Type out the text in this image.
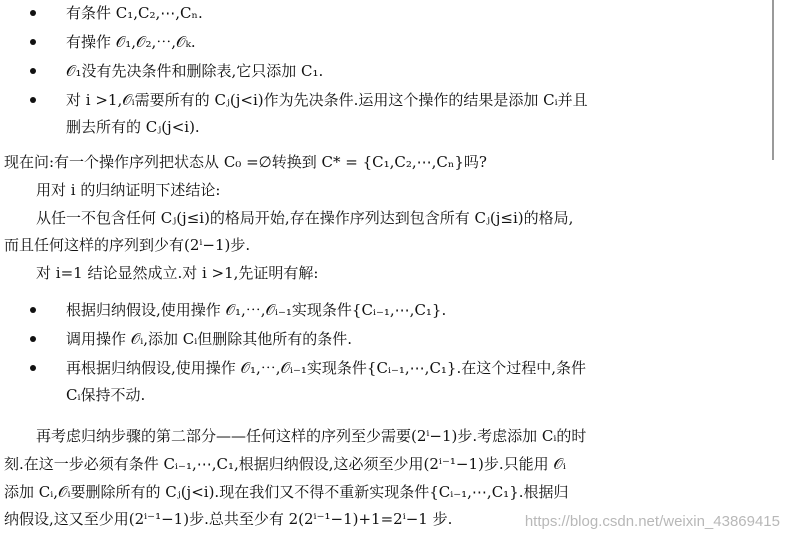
有条件 C₁,C₂,⋯,Cₙ.
有操作 𝒪₁,𝒪₂,⋯,𝒪ₖ.
𝒪₁没有先决条件和删除表,它只添加 C₁.
对 i >1,𝒪ᵢ需要所有的 Cⱼ(j<i)作为先决条件.运用这个操作的结果是添加 Cᵢ并且
删去所有的 Cⱼ(j<i).
现在问:有一个操作序列把状态从 C₀ =∅转换到 C* = {C₁,C₂,⋯,Cₙ}吗?
用对 i 的归纳证明下述结论:
从任一不包含任何 Cⱼ(j≤i)的格局开始,存在操作序列达到包含所有 Cⱼ(j≤i)的格局,
而且任何这样的序列到少有(2ⁱ−1)步.
对 i=1 结论显然成立.对 i >1,先证明有解:
根据归纳假设,使用操作 𝒪₁,⋯,𝒪ᵢ₋₁实现条件{Cᵢ₋₁,⋯,C₁}.
调用操作 𝒪ᵢ,添加 Cᵢ但删除其他所有的条件.
再根据归纳假设,使用操作 𝒪₁,⋯,𝒪ᵢ₋₁实现条件{Cᵢ₋₁,⋯,C₁}.在这个过程中,条件
Cᵢ保持不动.
再考虑归纳步骤的第二部分——任何这样的序列至少需要(2ⁱ−1)步.考虑添加 Cᵢ的时
刻.在这一步必须有条件 Cᵢ₋₁,⋯,C₁,根据归纳假设,这必须至少用(2ⁱ⁻¹−1)步.只能用 𝒪ᵢ
添加 Cᵢ,𝒪ᵢ要删除所有的 Cⱼ(j<i).现在我们又不得不重新实现条件{Cᵢ₋₁,⋯,C₁}.根据归
纳假设,这又至少用(2ⁱ⁻¹−1)步.总共至少有 2(2ⁱ⁻¹−1)+1=2ⁱ−1 步.	https://blog.csdn.net/weixin_43869415
